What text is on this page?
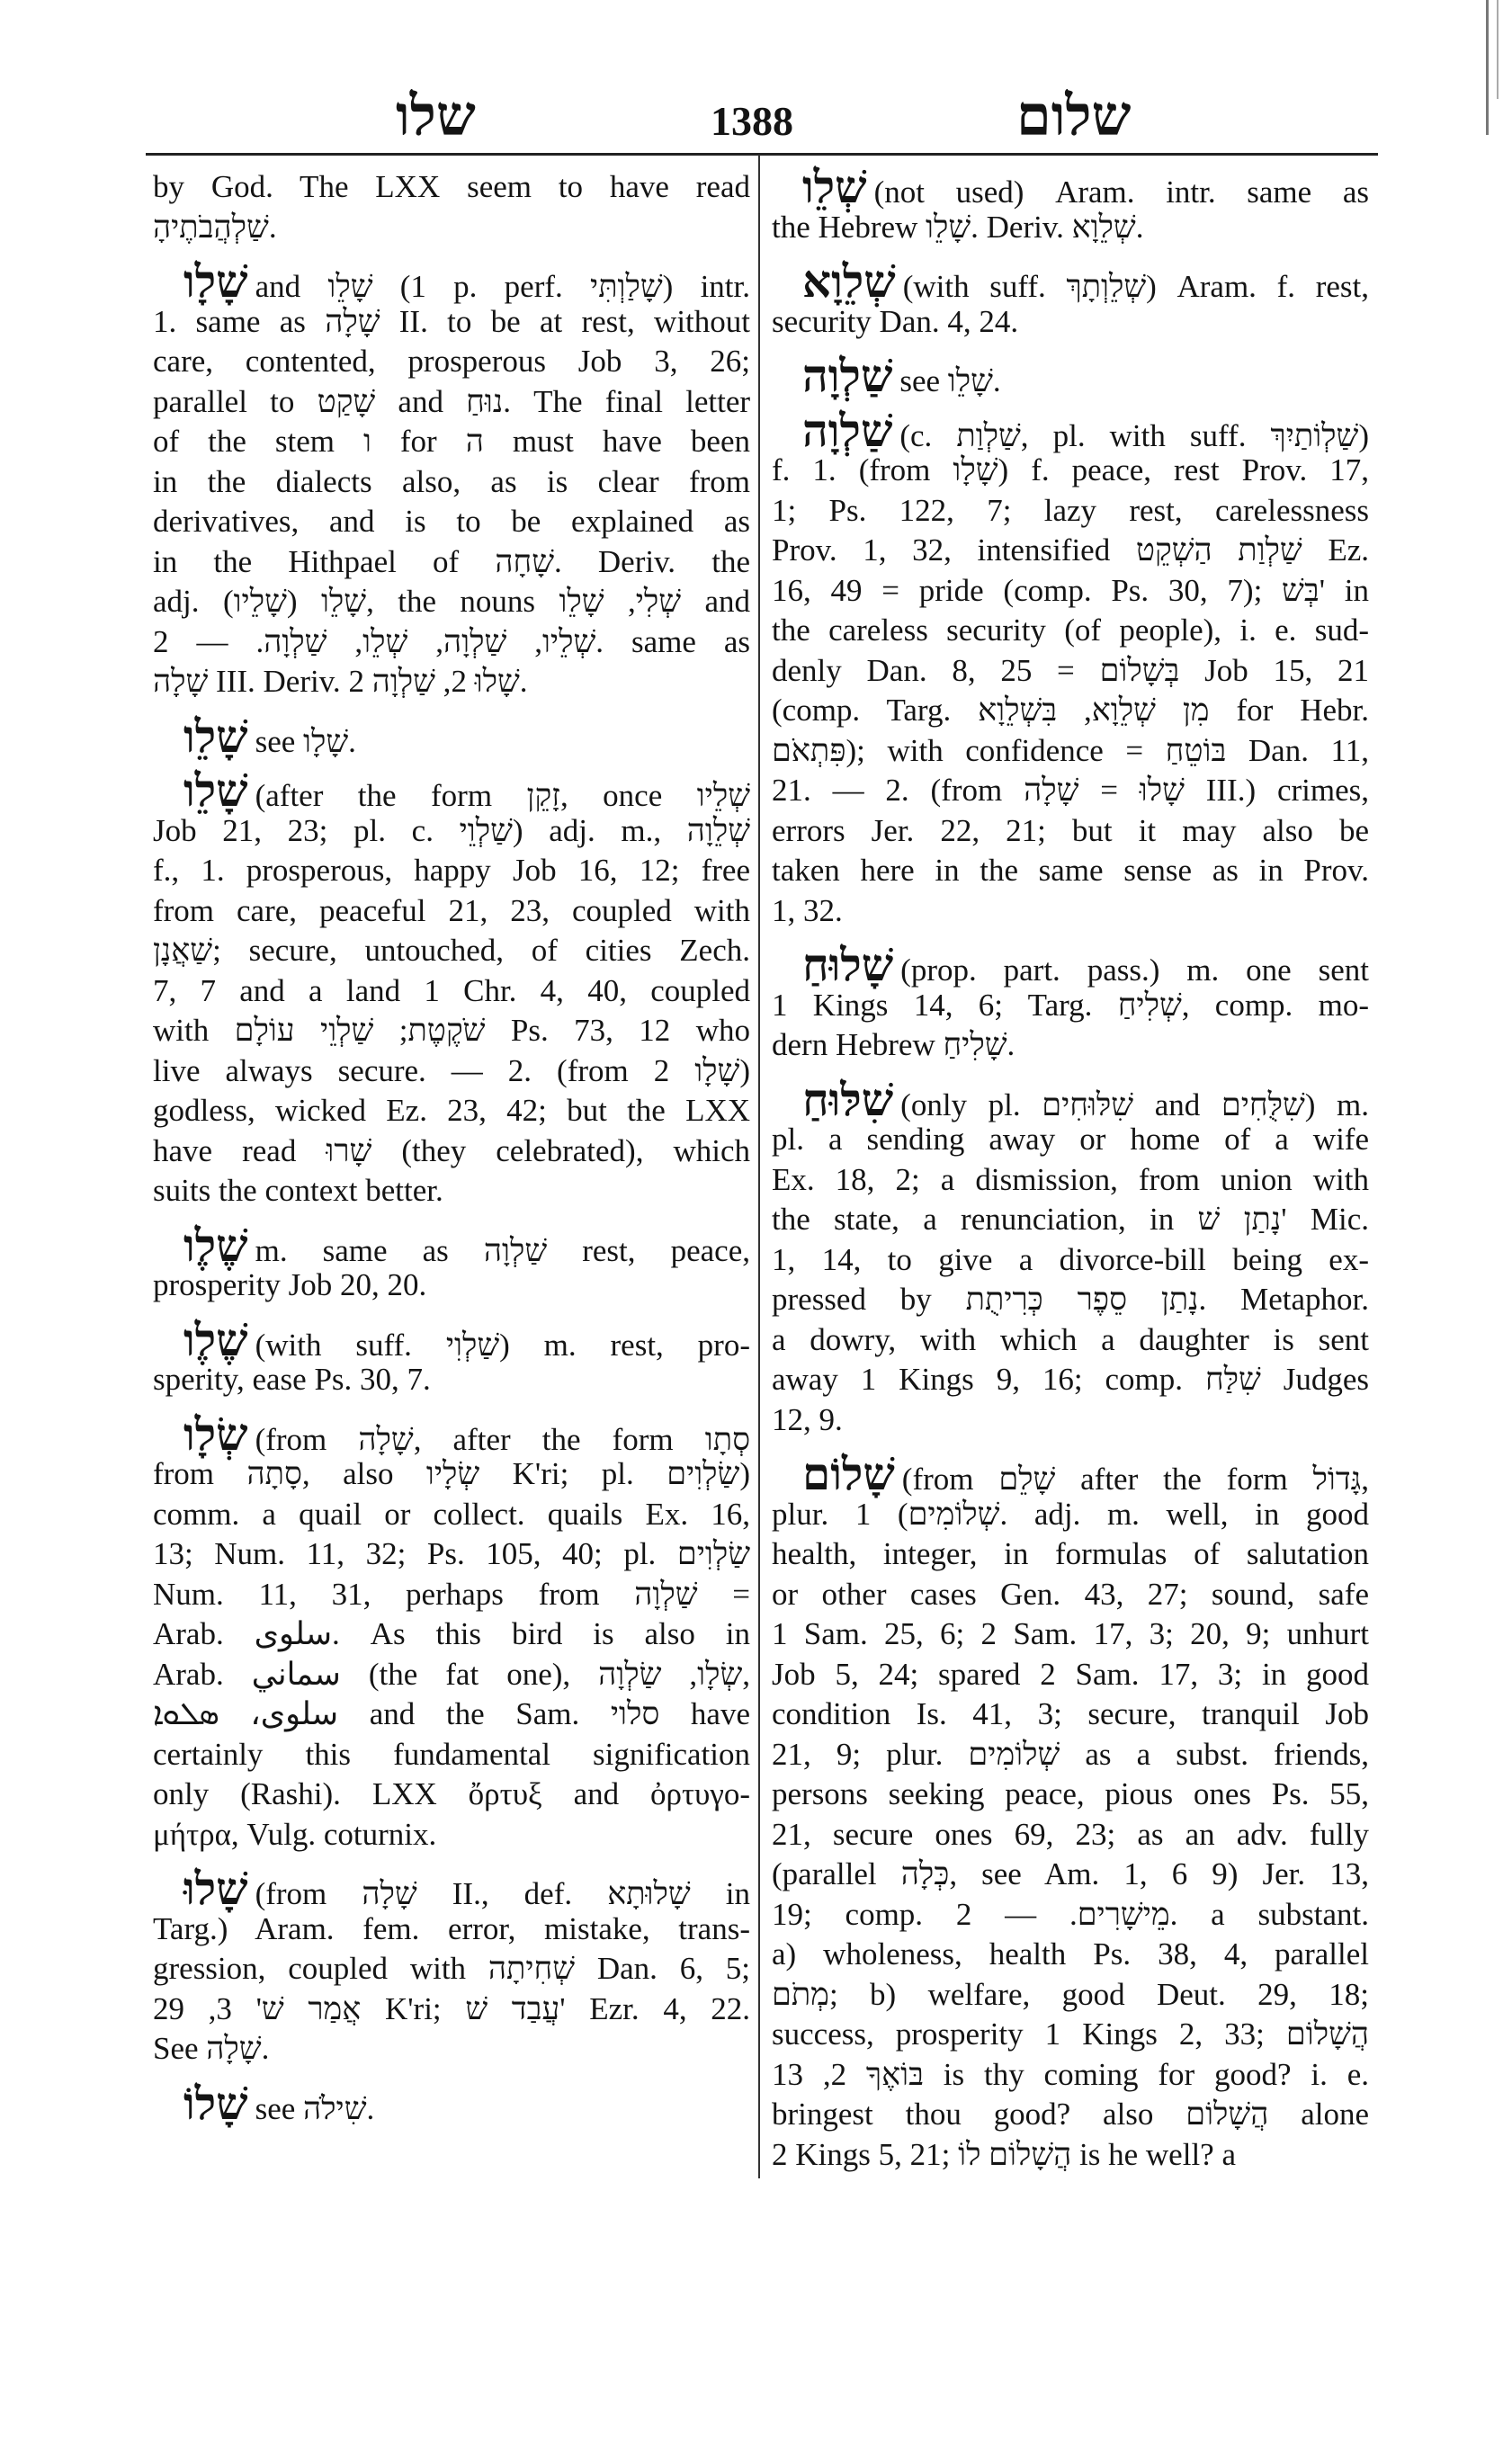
שלו	1388	שלום
by God. The LXX seem to have read
שַׁלְהֲבֹתֶיהָ.
שָׁלָו and שָׁלֵו (1 p. perf. שָׁלַוְתִּי) intr.
1. same as שָׁלָה II. to be at rest, without
care, contented, prosperous Job 3, 26;
parallel to שָׁקַט and נוּחַ. The final letter
of the stem ו for ה must have been
in the dialects also, as is clear from
derivatives, and is to be explained as
in the Hithpael of שָׁחָה. Deriv. the
adj. שָׁלֵו (שָׁלֵיו), the nouns שְׁלִי, שָׁלֵו and
שְׁלֵיו, שַׁלְוָה, שְׁלֵו, שַׁלְוָה. — 2. same as
שָׁלָה III. Deriv. שָׁלוּ 2, שַׁלְוָה 2.
שָׁלֵו see שָׁלָו.
שָׁלֵו (after the form זָקֵן, once שְׁלֵיו
Job 21, 23; pl. c. שַׁלְוֵי) adj. m., שְׁלֵוָה
f., 1. prosperous, happy Job 16, 12; free
from care, peaceful 21, 23, coupled with
שַׁאֲנָן; secure, untouched, of cities Zech.
7, 7 and a land 1 Chr. 4, 40, coupled
with שֹׁקֶטֶת; שַׁלְוֵי עוֹלָם Ps. 73, 12 who
live always secure. — 2. (from שָׁלָו 2)
godless, wicked Ez. 23, 42; but the LXX
have read שָׁרוּ (they celebrated), which
suits the context better.
שֶׁלֶו m. same as שַׁלְוָה rest, peace,
prosperity Job 20, 20.
שֶׁלֶו (with suff. שַׁלְוִי) m. rest, pro-
sperity, ease Ps. 30, 7.
שְׂלָו (from שָׁלָה, after the form סְתָו
from סָתָה, also שְׂלָיו K'ri; pl. שַׂלְוִים)
comm. a quail or collect. quails Ex. 16,
13; Num. 11, 32; Ps. 105, 40; pl. שַׂלְוִים
Num. 11, 31, perhaps from שַׁלְוָה =
Arab. سلوى. As this bird is also in
Arab. سماني (the fat one), שְׂלָו, שַׂלְוָה,
سلوى، ܣܠܘܐ and the Sam. סלוי have
certainly this fundamental signification
only (Rashi). LXX ὄρτυξ and ὀρτυγο-
μήτρα, Vulg. coturnix.
שָׁלוּ (from שָׁלָה II., def. שָׁלוּתָא in
Targ.) Aram. fem. error, mistake, trans-
gression, coupled with שְׁחִיתָה Dan. 6, 5;
אֲמַר שׁ' 3, 29 K'ri; עֲבַד שׁ' Ezr. 4, 22.
See שָׁלָה.
שָׁלוֹ see שִׁילֹה.
שְׁלֵו (not used) Aram. intr. same as
the Hebrew שָׁלֵו. Deriv. שְׁלֵוָא.
שְׁלֵוָא (with suff. שְׁלֵוְתָךְ) Aram. f. rest,
security Dan. 4, 24.
שַׁלְוָה see שָׁלֵו.
שַׁלְוָה (c. שַׁלְוַת, pl. with suff. שַׁלְוֹתַיִךְ)
f. 1. (from שָׁלָו) f. peace, rest Prov. 17,
1; Ps. 122, 7; lazy rest, carelessness
Prov. 1, 32, intensified שַׁלְוַת הַשְׁקֵט Ez.
16, 49 = pride (comp. Ps. 30, 7); בְּשׁ' in
the careless security (of people), i. e. sud-
denly Dan. 8, 25 = בְּשָׁלוֹם Job 15, 21
(comp. Targ. מִן שְׁלֵוָא, בִּשְׁלֵוָא for Hebr.
פִּתְאֹם); with confidence = בּוֹטֵחַ Dan. 11,
21. — 2. (from שָׁלוּ = שָׁלָה III.) crimes,
errors Jer. 22, 21; but it may also be
taken here in the same sense as in Prov.
1, 32.
שָׁלוּחַ (prop. part. pass.) m. one sent
1 Kings 14, 6; Targ. שְׁלִיחַ, comp. mo-
dern Hebrew שָׁלִיחַ.
שִׁלּוּחַ (only pl. שִׁלּוּחִים and שִׁלֻּחִים) m.
pl. a sending away or home of a wife
Ex. 18, 2; a dismission, from union with
the state, a renunciation, in נָתַן שׁ' Mic.
1, 14, to give a divorce-bill being ex-
pressed by נָתַן סֵפֶר כְּרִיתֻת. Metaphor.
a dowry, with which a daughter is sent
away 1 Kings 9, 16; comp. שִׁלַּח Judges
12, 9.
שָׁלוֹם (from שָׁלֵם after the form גָּדוֹל,
plur. שְׁלוֹמִים) 1. adj. m. well, in good
health, integer, in formulas of salutation
or other cases Gen. 43, 27; sound, safe
1 Sam. 25, 6; 2 Sam. 17, 3; 20, 9; unhurt
Job 5, 24; spared 2 Sam. 17, 3; in good
condition Is. 41, 3; secure, tranquil Job
21, 9; plur. שְׁלוֹמִים as a subst. friends,
persons seeking peace, pious ones Ps. 55,
21, secure ones 69, 23; as an adv. fully
(parallel כְּלָה, see Am. 1, 6 9) Jer. 13,
19; comp. מֵישָׁרִים. — 2. a substant.
a) wholeness, health Ps. 38, 4, parallel
מְתֹם; b) welfare, good Deut. 29, 18;
success, prosperity 1 Kings 2, 33; הֲשָׁלוֹם
בּוֹאֶךָ 2, 13 is thy coming for good? i. e.
bringest thou good? also הֲשָׁלוֹם alone
2 Kings 5, 21; הֲשָׁלוֹם לוֹ is he well? a
